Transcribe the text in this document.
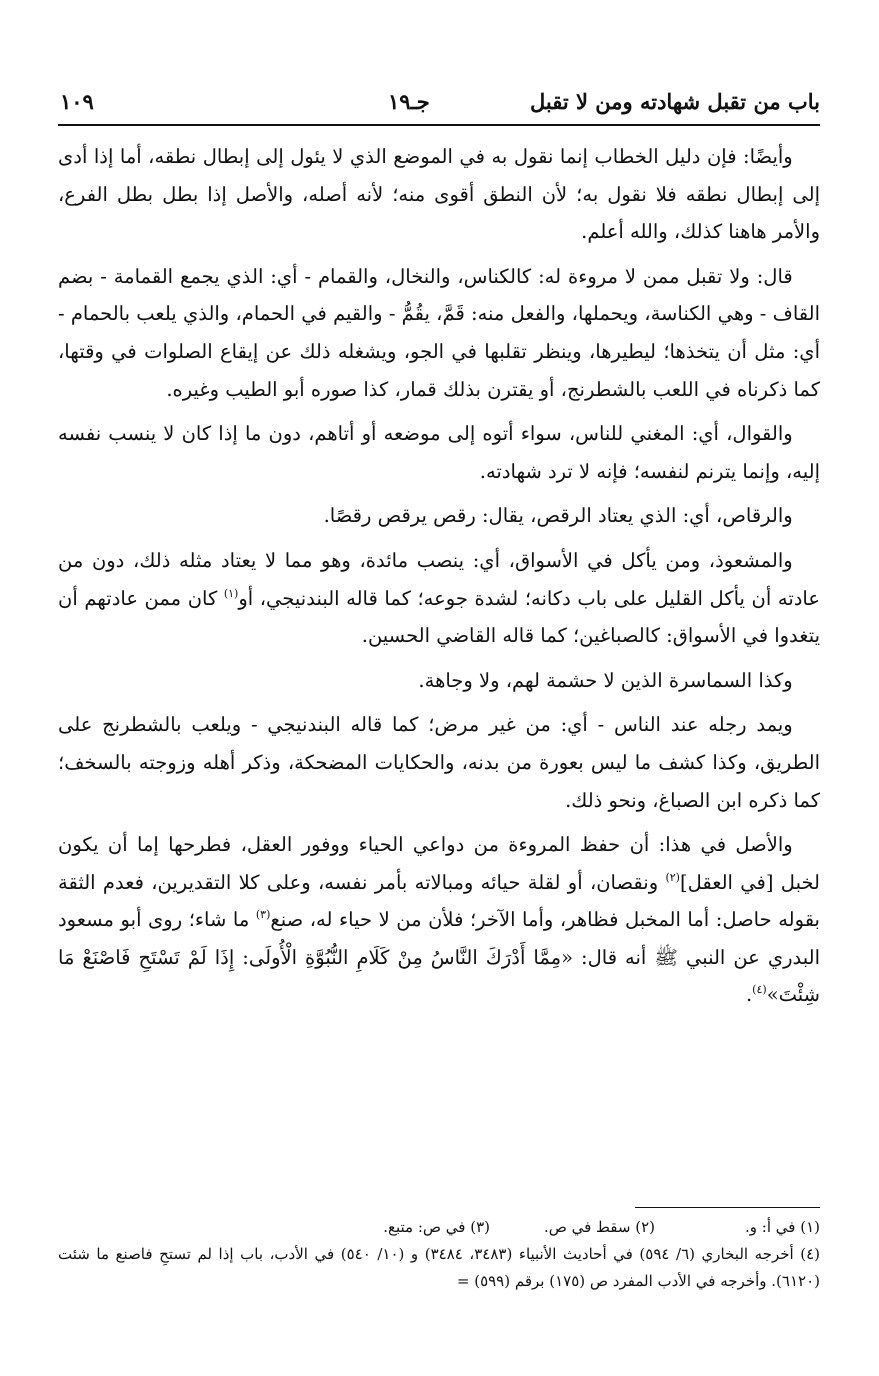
باب من تقبل شهادته ومن لا تقبل
جـ١٩
١٠٩

وأيضًا: فإن دليل الخطاب إنما نقول به في الموضع الذي لا يئول إلى إبطال نطقه، أما إذا أدى إلى إبطال نطقه فلا نقول به؛ لأن النطق أقوى منه؛ لأنه أصله، والأصل إذا بطل بطل الفرع، والأمر هاهنا كذلك، والله أعلم.

قال: ولا تقبل ممن لا مروءة له: كالكناس، والنخال، والقمام - أي: الذي يجمع القمامة - بضم القاف - وهي الكناسة، ويحملها، والفعل منه: قَمَّ، يقُمُّ - والقيم في الحمام، والذي يلعب بالحمام - أي: مثل أن يتخذها؛ ليطيرها، وينظر تقلبها في الجو، ويشغله ذلك عن إيقاع الصلوات في وقتها، كما ذكرناه في اللعب بالشطرنج، أو يقترن بذلك قمار، كذا صوره أبو الطيب وغيره.

والقوال، أي: المغني للناس، سواء أتوه إلى موضعه أو أتاهم، دون ما إذا كان لا ينسب نفسه إليه، وإنما يترنم لنفسه؛ فإنه لا ترد شهادته.

والرقاص، أي: الذي يعتاد الرقص، يقال: رقص يرقص رقصًا.

والمشعوذ، ومن يأكل في الأسواق، أي: ينصب مائدة، وهو مما لا يعتاد مثله ذلك، دون من عادته أن يأكل القليل على باب دكانه؛ لشدة جوعه؛ كما قاله البندنيجي، أو$^{(١)}$ كان ممن عادتهم أن يتغدوا في الأسواق: كالصباغين؛ كما قاله القاضي الحسين.

وكذا السماسرة الذين لا حشمة لهم، ولا وجاهة.

ويمد رجله عند الناس - أي: من غير مرض؛ كما قاله البندنيجي - ويلعب بالشطرنج على الطريق، وكذا كشف ما ليس بعورة من بدنه، والحكايات المضحكة، وذكر أهله وزوجته بالسخف؛ كما ذكره ابن الصباغ، ونحو ذلك.

والأصل في هذا: أن حفظ المروءة من دواعي الحياء ووفور العقل، فطرحها إما أن يكون لخبل [في العقل]$^{(٢)}$ ونقصان، أو لقلة حيائه ومبالاته بأمر نفسه، وعلى كلا التقديرين، فعدم الثقة بقوله حاصل: أما المخبل فظاهر، وأما الآخر؛ فلأن من لا حياء له، صنع$^{(٣)}$ ما شاء؛ روى أبو مسعود البدري عن النبي ﷺ أنه قال: «مِمَّا أَدْرَكَ النَّاسُ مِنْ كَلَامِ النُّبُوَّةِ الْأُولَى: إِذَا لَمْ تَسْتَحِ فَاصْنَعْ مَا شِئْتَ»$^{(٤)}$.

(١) في أ: و.
(٢) سقط في ص.
(٣) في ص: متبع.
(٤) أخرجه البخاري (٦/ ٥٩٤) في أحاديث الأنبياء (٣٤٨٣، ٣٤٨٤) و (١٠/ ٥٤٠) في الأدب، باب إذا لم تستحِ فاصنع ما شئت (٦١٢٠). وأخرجه في الأدب المفرد ص (١٧٥) برقم (٥٩٩) =
